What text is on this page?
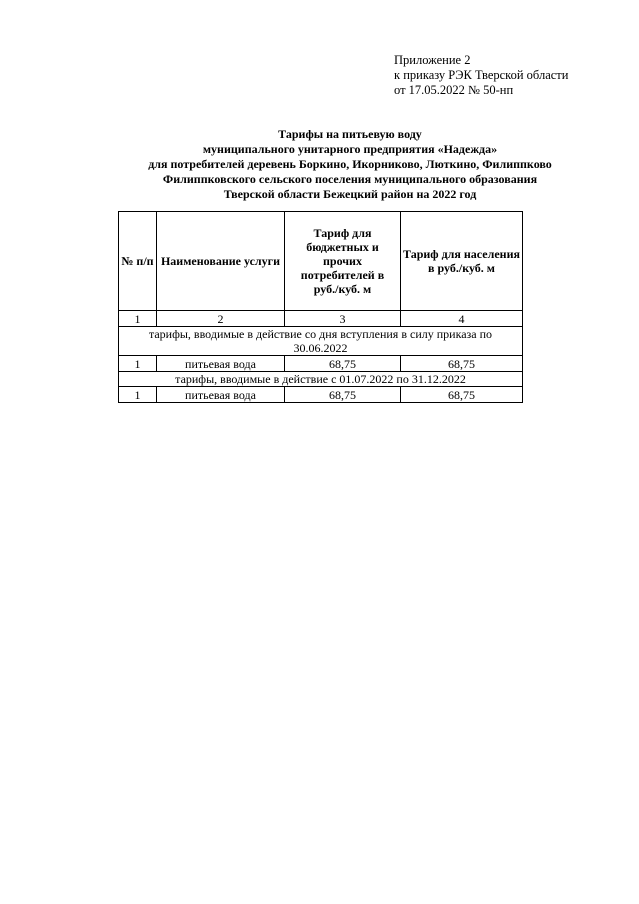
Приложение 2
к приказу РЭК Тверской области
от 17.05.2022 № 50-нп
Тарифы на питьевую воду
муниципального унитарного предприятия «Надежда»
для потребителей деревень Боркино, Икорниково, Люткино, Филиппково
Филиппковского сельского поселения муниципального образования
Тверской области Бежецкий район на 2022 год
№ п/п	Наименование услуги	Тариф для бюджетных и прочих потребителей в руб./куб. м	Тариф для населения в руб./куб. м
1	2	3	4
тарифы, вводимые в действие со дня вступления в силу приказа по 30.06.2022			
1	питьевая вода	68,75	68,75
тарифы, вводимые в действие с 01.07.2022 по 31.12.2022			
1	питьевая вода	68,75	68,75
